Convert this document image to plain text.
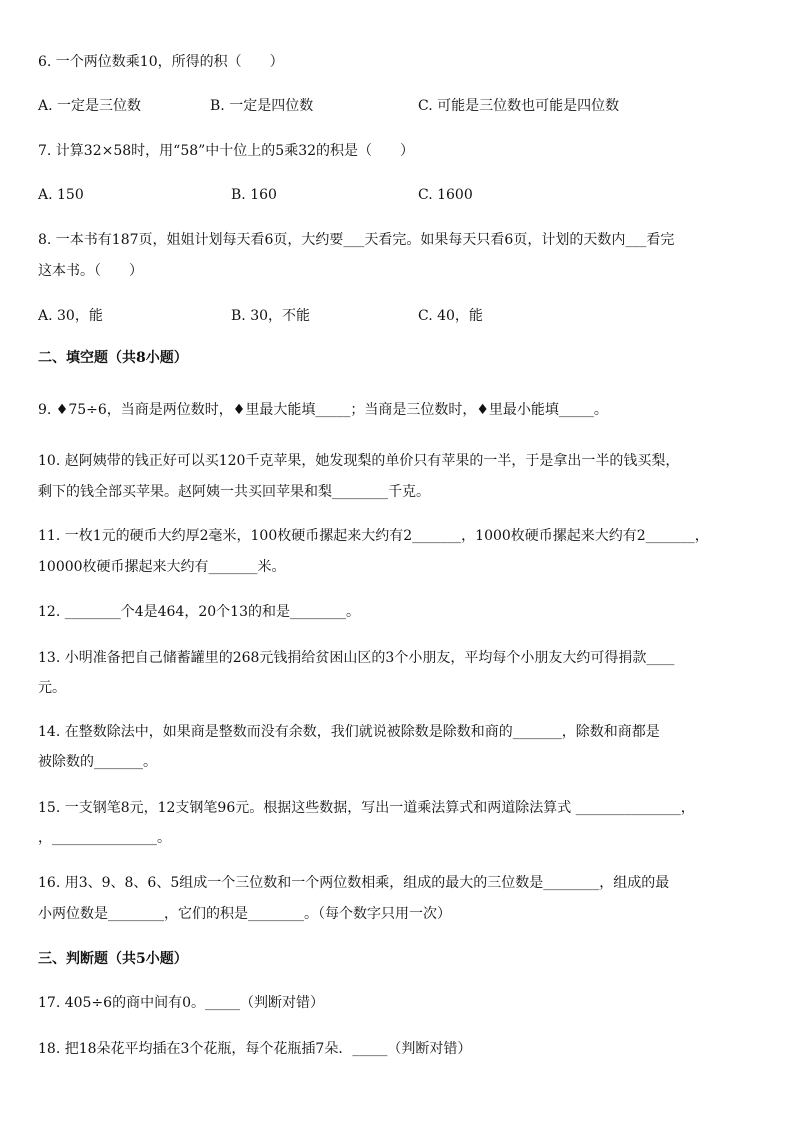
6. 一个两位数乘10，所得的积（　　）
A. 一定是三位数	B. 一定是四位数	C. 可能是三位数也可能是四位数
7. 计算32×58时，用“58”中十位上的5乘32的积是（　　）
A. 150	B. 160	C. 1600
8. 一本书有187页，姐姐计划每天看6页，大约要___天看完。如果每天只看6页，计划的天数内___看完
这本书。（　　）
A. 30，能	B. 30，不能	C. 40，能
二、填空题（共8小题）
9. ♦75÷6，当商是两位数时，♦里最大能填_____；当商是三位数时，♦里最小能填_____。
10. 赵阿姨带的钱正好可以买120千克苹果，她发现梨的单价只有苹果的一半，于是拿出一半的钱买梨，
剩下的钱全部买苹果。赵阿姨一共买回苹果和梨________千克。
11. 一枚1元的硬币大约厚2毫米，100枚硬币摞起来大约有2_______，1000枚硬币摞起来大约有2_______，
10000枚硬币摞起来大约有_______米。
12. ________个4是464，20个13的和是________。
13. 小明准备把自己储蓄罐里的268元钱捐给贫困山区的3个小朋友，平均每个小朋友大约可得捐款____
元。
14. 在整数除法中，如果商是整数而没有余数，我们就说被除数是除数和商的_______，除数和商都是
被除数的_______。
15. 一支钢笔8元，12支钢笔96元。根据这些数据，写出一道乘法算式和两道除法算式 _______________，
，_______________。
16. 用3、9、8、6、5组成一个三位数和一个两位数相乘，组成的最大的三位数是________，组成的最
小两位数是________，它们的积是________。（每个数字只用一次）
三、判断题（共5小题）
17. 405÷6的商中间有0。_____（判断对错）
18. 把18朵花平均插在3个花瓶，每个花瓶插7朵．_____（判断对错）
